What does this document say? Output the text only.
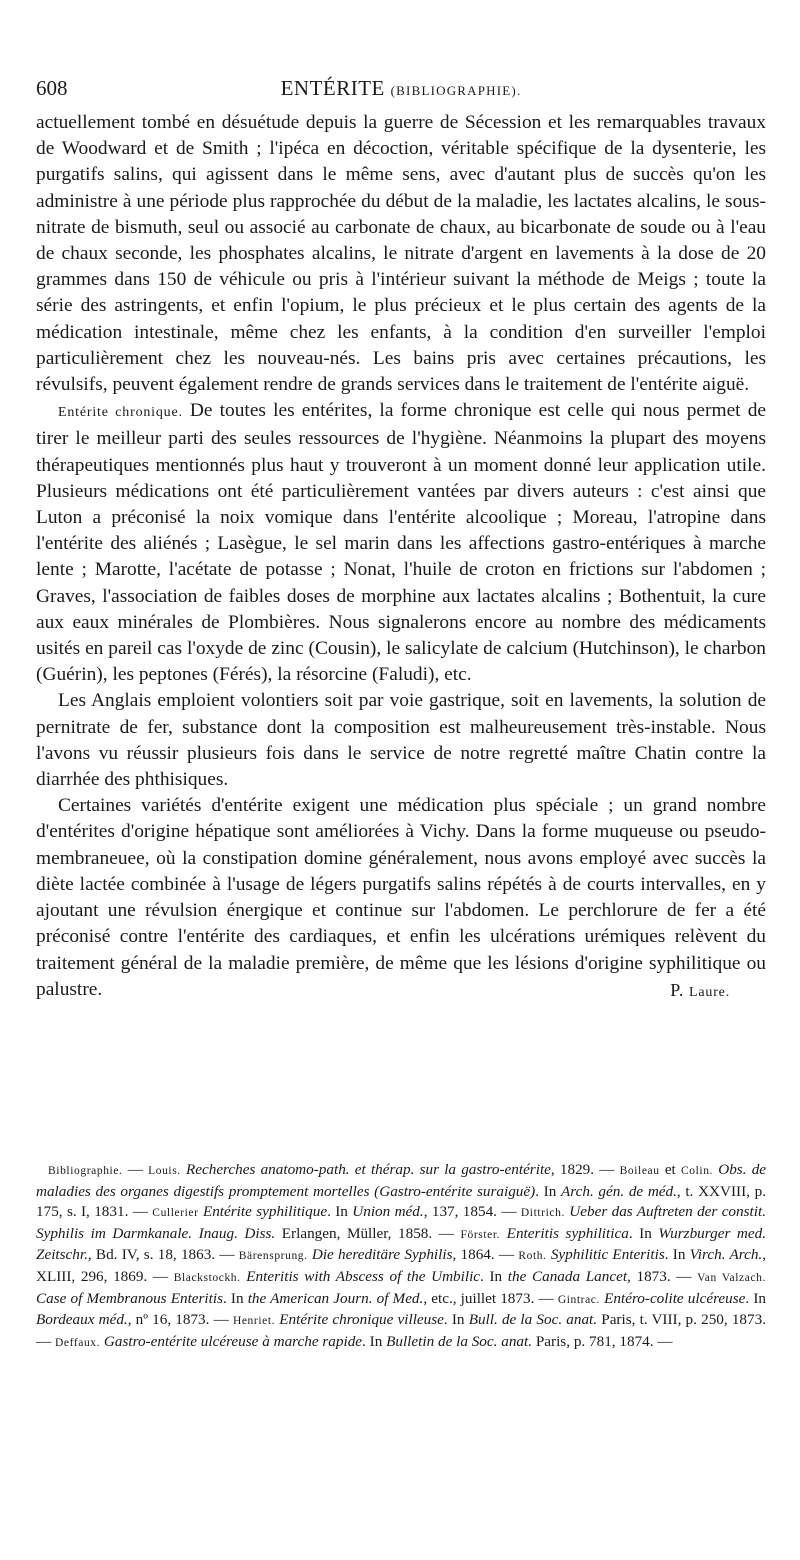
608	ENTÉRITE (BIBLIOGRAPHIE).

actuellement tombé en désuétude depuis la guerre de Sécession et les remarquables travaux de Woodward et de Smith ; l'ipéca en décoction, véritable spécifique de la dysenterie, les purgatifs salins, qui agissent dans le même sens, avec d'autant plus de succès qu'on les administre à une période plus rapprochée du début de la maladie, les lactates alcalins, le sous-nitrate de bismuth, seul ou associé au carbonate de chaux, au bicarbonate de soude ou à l'eau de chaux seconde, les phosphates alcalins, le nitrate d'argent en lavements à la dose de 20 grammes dans 150 de véhicule ou pris à l'intérieur suivant la méthode de Meigs ; toute la série des astringents, et enfin l'opium, le plus précieux et le plus certain des agents de la médication intestinale, même chez les enfants, à la condition d'en surveiller l'emploi particulièrement chez les nouveau-nés. Les bains pris avec certaines précautions, les révulsifs, peuvent également rendre de grands services dans le traitement de l'entérite aiguë.

Entérite chronique. De toutes les entérites, la forme chronique est celle qui nous permet de tirer le meilleur parti des seules ressources de l'hygiène. Néanmoins la plupart des moyens thérapeutiques mentionnés plus haut y trouveront à un moment donné leur application utile. Plusieurs médications ont été particulièrement vantées par divers auteurs : c'est ainsi que Luton a préconisé la noix vomique dans l'entérite alcoolique ; Moreau, l'atropine dans l'entérite des aliénés ; Lasègue, le sel marin dans les affections gastro-entériques à marche lente ; Marotte, l'acétate de potasse ; Nonat, l'huile de croton en frictions sur l'abdomen ; Graves, l'association de faibles doses de morphine aux lactates alcalins ; Bothentuit, la cure aux eaux minérales de Plombières. Nous signalerons encore au nombre des médicaments usités en pareil cas l'oxyde de zinc (Cousin), le salicylate de calcium (Hutchinson), le charbon (Guérin), les peptones (Férés), la résorcine (Faludi), etc.

Les Anglais emploient volontiers soit par voie gastrique, soit en lavements, la solution de pernitrate de fer, substance dont la composition est malheureusement très-instable. Nous l'avons vu réussir plusieurs fois dans le service de notre regretté maître Chatin contre la diarrhée des phthisiques.

Certaines variétés d'entérite exigent une médication plus spéciale ; un grand nombre d'entérites d'origine hépatique sont améliorées à Vichy. Dans la forme muqueuse ou pseudo-membraneuee, où la constipation domine généralement, nous avons employé avec succès la diète lactée combinée à l'usage de légers purgatifs salins répétés à de courts intervalles, en y ajoutant une révulsion énergique et continue sur l'abdomen. Le perchlorure de fer a été préconisé contre l'entérite des cardiaques, et enfin les ulcérations urémiques relèvent du traitement général de la maladie première, de même que les lésions d'origine syphilitique ou palustre.	P. Laure.

Bibliographie. — Louis. Recherches anatomo-path. et thérap. sur la gastro-entérite, 1829. — Boileau et Colin. Obs. de maladies des organes digestifs promptement mortelles (Gastro-entérite suraiguë). In Arch. gén. de méd., t. XXVIII, p. 175, s. I, 1831. — Cullerier Entérite syphilitique. In Union méd., 137, 1854. — Dittrich. Ueber das Auftreten der constit. Syphilis im Darmkanale. Inaug. Diss. Erlangen, Müller, 1858. — Förster. Enteritis syphilitica. In Wurzburger med. Zeitschr., Bd. IV, s. 18, 1863. — Bärensprung. Die hereditäre Syphilis, 1864. — Roth. Syphilitic Enteritis. In Virch. Arch., XLIII, 296, 1869. — Blackstockh. Enteritis with Abscess of the Umbilic. In the Canada Lancet, 1873. — Van Valzach. Case of Membranous Enteritis. In the American Journ. of Med., etc., juillet 1873. — Gintrac. Entéro-colite ulcéreuse. In Bordeaux méd., nº 16, 1873. — Henriet. Entérite chronique villeuse. In Bull. de la Soc. anat. Paris, t. VIII, p. 250, 1873. — Deffaux. Gastro-entérite ulcéreuse à marche rapide. In Bulletin de la Soc. anat. Paris, p. 781, 1874. —
